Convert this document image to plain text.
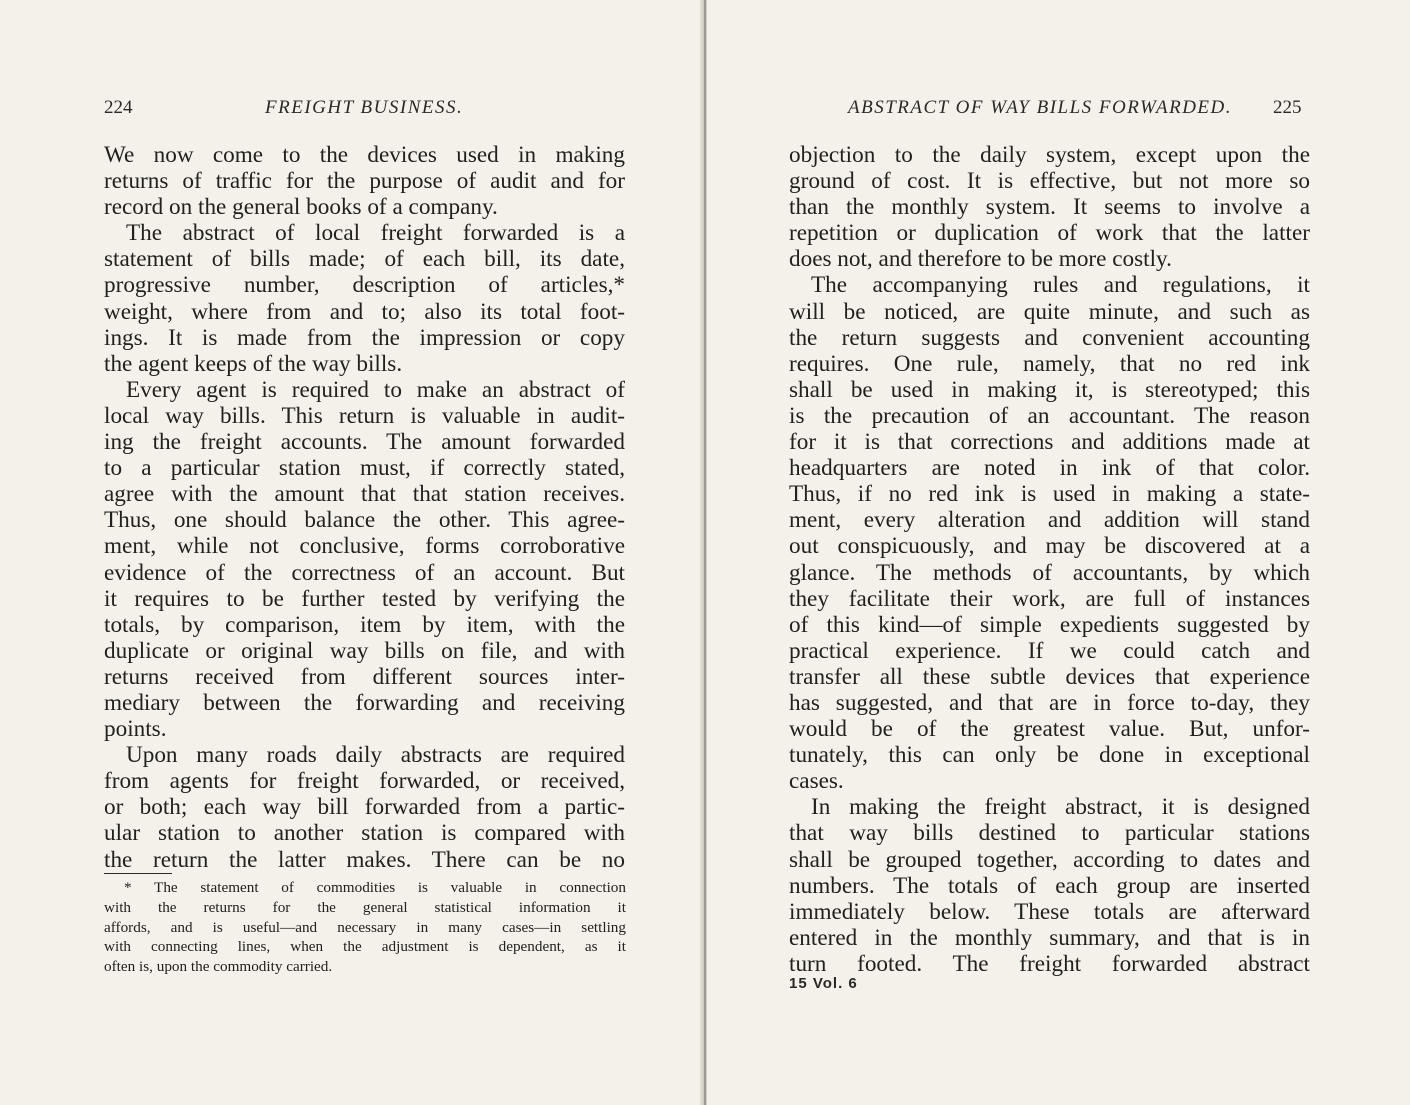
224	FREIGHT BUSINESS.
We now come to the devices used in making
returns of traffic for the purpose of audit and for
record on the general books of a company.
The abstract of local freight forwarded is a
statement of bills made; of each bill, its date,
progressive number, description of articles,*
weight, where from and to; also its total foot-
ings. It is made from the impression or copy
the agent keeps of the way bills.
Every agent is required to make an abstract of
local way bills. This return is valuable in audit-
ing the freight accounts. The amount forwarded
to a particular station must, if correctly stated,
agree with the amount that that station receives.
Thus, one should balance the other. This agree-
ment, while not conclusive, forms corroborative
evidence of the correctness of an account. But
it requires to be further tested by verifying the
totals, by comparison, item by item, with the
duplicate or original way bills on file, and with
returns received from different sources inter-
mediary between the forwarding and receiving
points.
Upon many roads daily abstracts are required
from agents for freight forwarded, or received,
or both; each way bill forwarded from a partic-
ular station to another station is compared with
the return the latter makes. There can be no
* The statement of commodities is valuable in connection
with the returns for the general statistical information it
affords, and is useful—and necessary in many cases—in settling
with connecting lines, when the adjustment is dependent, as it
often is, upon the commodity carried.
ABSTRACT OF WAY BILLS FORWARDED. 225
objection to the daily system, except upon the
ground of cost. It is effective, but not more so
than the monthly system. It seems to involve a
repetition or duplication of work that the latter
does not, and therefore to be more costly.
The accompanying rules and regulations, it
will be noticed, are quite minute, and such as
the return suggests and convenient accounting
requires. One rule, namely, that no red ink
shall be used in making it, is stereotyped; this
is the precaution of an accountant. The reason
for it is that corrections and additions made at
headquarters are noted in ink of that color.
Thus, if no red ink is used in making a state-
ment, every alteration and addition will stand
out conspicuously, and may be discovered at a
glance. The methods of accountants, by which
they facilitate their work, are full of instances
of this kind—of simple expedients suggested by
practical experience. If we could catch and
transfer all these subtle devices that experience
has suggested, and that are in force to-day, they
would be of the greatest value. But, unfor-
tunately, this can only be done in exceptional
cases.
In making the freight abstract, it is designed
that way bills destined to particular stations
shall be grouped together, according to dates and
numbers. The totals of each group are inserted
immediately below. These totals are afterward
entered in the monthly summary, and that is in
turn footed. The freight forwarded abstract
15 Vol. 6
